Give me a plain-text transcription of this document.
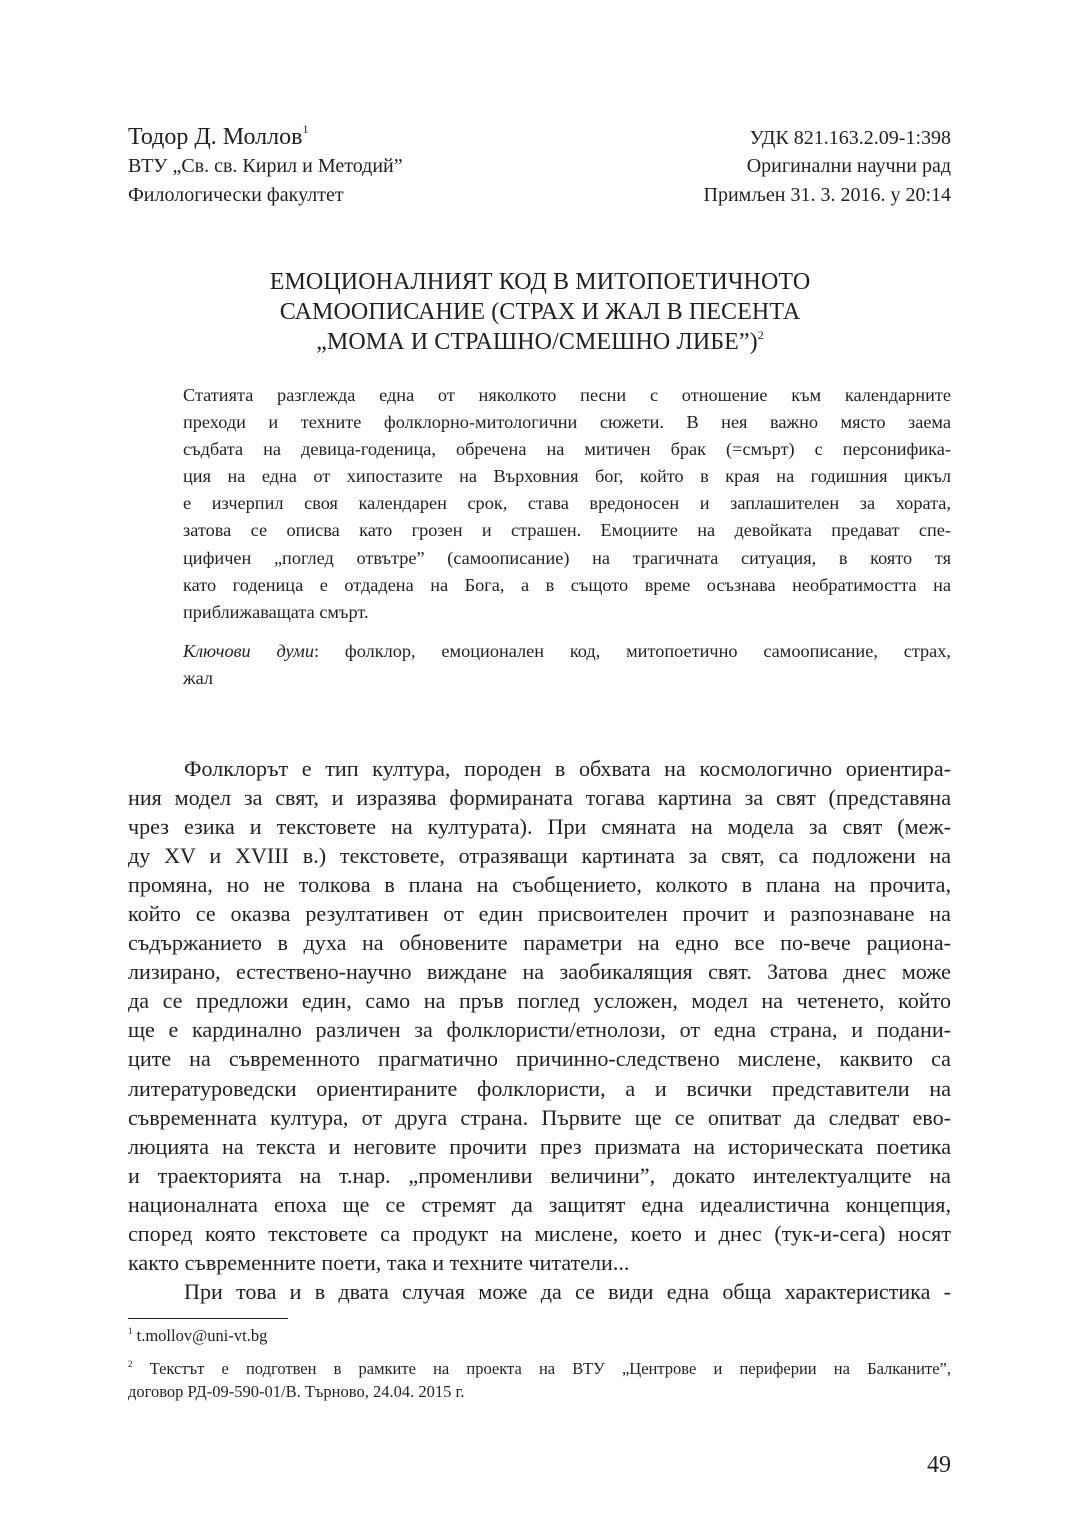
Тодор Д. Моллов$^1$

ВТУ „Св. св. Кирил и Методий”

Филологически факултет

УДК 821.163.2.09-1:398

Оригинални научни рад

Примљен 31. 3. 2016. у 20:14

ЕМОЦИОНАЛНИЯТ КОД В МИТОПОЕТИЧНОТО
САМООПИСАНИЕ (СТРАХ И ЖАЛ В ПЕСЕНТА
„МОМА И СТРАШНО/СМЕШНО ЛИБЕ”)$^2$
Статията разглежда една от няколкото песни с отношение към календарните
преходи и техните фолклорно-митологични сюжети. В нея важно място заема
съдбата на девица-годеница, обречена на митичен брак (=смърт) с персонифика-
ция на една от хипостазите на Върховния бог, който в края на годишния цикъл
е изчерпил своя календарен срок, става вредоносен и заплашителен за хората,
затова се описва като грозен и страшен. Емоциите на девойката предават спе-
цифичен „поглед отвътре” (самоописание) на трагичната ситуация, в която тя
като годеница е отдадена на Бога, а в същото време осъзнава необратимостта на
приближаващата смърт.
Ключови думи: фолклор, емоционален код, митопоетично самоописание, страх,
жал
Фолклорът е тип култура, породен в обхвата на космологично ориентира-
ния модел за свят, и изразява формираната тогава картина за свят (представяна
чрез езика и текстовете на културата). При смяната на модела за свят (меж-
ду XV и XVIII в.) текстовете, отразяващи картината за свят, са подложени на
промяна, но не толкова в плана на съобщението, колкото в плана на прочита,
който се оказва резултативен от един присвоителен прочит и разпознаване на
съдържанието в духа на обновените параметри на едно все по-вече рациона-
лизирано, естествено-научно виждане на заобикалящия свят. Затова днес може
да се предложи един, само на пръв поглед усложен, модел на четенето, който
ще е кардинално различен за фолклористи/етнолози, от една страна, и подани-
ците на съвременното прагматично причинно-следствено мислене, каквито са
литературоведски ориентираните фолклористи, а и всички представители на
съвременната култура, от друга страна. Първите ще се опитват да следват ево-
люцията на текста и неговите прочити през призмата на историческата поетика
и траекторията на т.нар. „променливи величини”, докато интелектуалците на
националната епоха ще се стремят да защитят една идеалистична концепция,
според която текстовете са продукт на мислене, което и днес (тук-и-сега) носят
както съвременните поети, така и техните читатели...
При това и в двата случая може да се види една обща характеристика -

$^1$ t.mollov@uni-vt.bg

$^2$ Текстът е подготвен в рамките на проекта на ВТУ „Центрове и периферии на Балканите”,
договор РД-09-590-01/В. Търново, 24.04. 2015 г.

49
